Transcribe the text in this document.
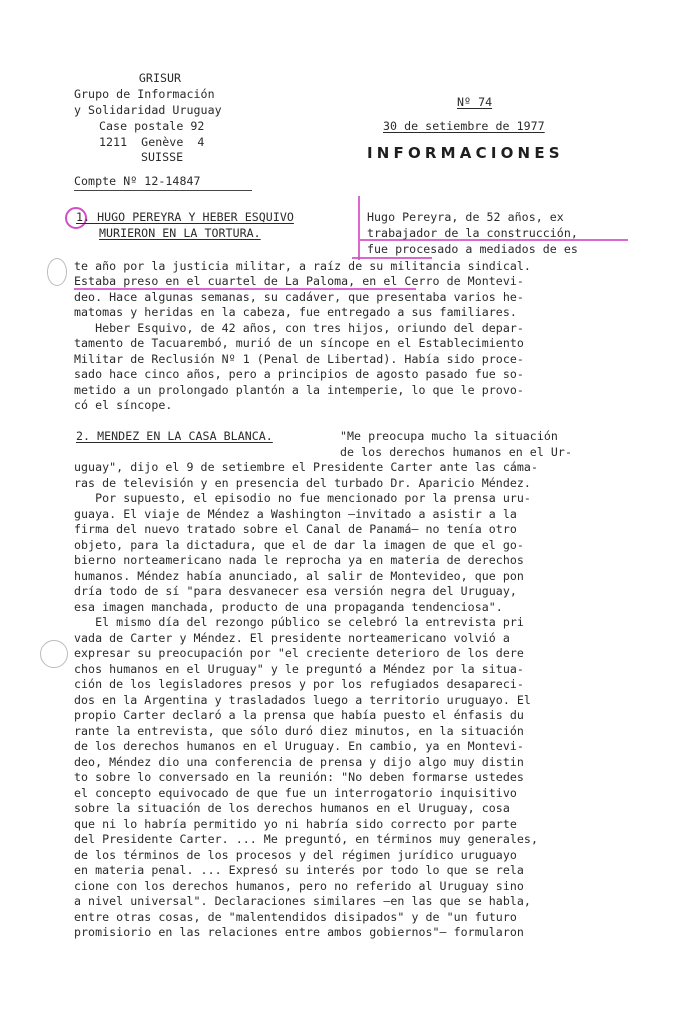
GRISUR
Grupo de Información
y Solidaridad Uruguay
Case postale 92
1211  Genève  4
SUISSE
Compte Nº 12-14847
Nº 74
30 de setiembre de 1977
INFORMACIONES
1. HUGO PEREYRA Y HEBER ESQUIVO
MURIERON EN LA TORTURA.
Hugo Pereyra, de 52 años, ex
trabajador de la construcción,
fue procesado a mediados de es
te año por la justicia militar, a raíz de su militancia sindical.
Estaba preso en el cuartel de La Paloma, en el Cerro de Montevi-
deo. Hace algunas semanas, su cadáver, que presentaba varios he-
matomas y heridas en la cabeza, fue entregado a sus familiares.
Heber Esquivo, de 42 años, con tres hijos, oriundo del depar-
tamento de Tacuarembó, murió de un síncope en el Establecimiento
Militar de Reclusión Nº 1 (Penal de Libertad). Había sido proce-
sado hace cinco años, pero a principios de agosto pasado fue so-
metido a un prolongado plantón a la intemperie, lo que le provo-
có el síncope.
2. MENDEZ EN LA CASA BLANCA.	"Me preocupa mucho la situación
de los derechos humanos en el Ur-
uguay", dijo el 9 de setiembre el Presidente Carter ante las cáma-
ras de televisión y en presencia del turbado Dr. Aparicio Méndez.
Por supuesto, el episodio no fue mencionado por la prensa uru-
guaya. El viaje de Méndez a Washington —invitado a asistir a la
firma del nuevo tratado sobre el Canal de Panamá— no tenía otro
objeto, para la dictadura, que el de dar la imagen de que el go-
bierno norteamericano nada le reprocha ya en materia de derechos
humanos. Méndez había anunciado, al salir de Montevideo, que pon
dría todo de sí "para desvanecer esa versión negra del Uruguay,
esa imagen manchada, producto de una propaganda tendenciosa".
El mismo día del rezongo público se celebró la entrevista pri
vada de Carter y Méndez. El presidente norteamericano volvió a
expresar su preocupación por "el creciente deterioro de los dere
chos humanos en el Uruguay" y le preguntó a Méndez por la situa-
ción de los legisladores presos y por los refugiados desapareci-
dos en la Argentina y trasladados luego a territorio uruguayo. El
propio Carter declaró a la prensa que había puesto el énfasis du
rante la entrevista, que sólo duró diez minutos, en la situación
de los derechos humanos en el Uruguay. En cambio, ya en Montevi-
deo, Méndez dio una conferencia de prensa y dijo algo muy distin
to sobre lo conversado en la reunión: "No deben formarse ustedes
el concepto equivocado de que fue un interrogatorio inquisitivo
sobre la situación de los derechos humanos en el Uruguay, cosa
que ni lo habría permitido yo ni habría sido correcto por parte
del Presidente Carter. ... Me preguntó, en términos muy generales,
de los términos de los procesos y del régimen jurídico uruguayo
en materia penal. ... Expresó su interés por todo lo que se rela
cione con los derechos humanos, pero no referido al Uruguay sino
a nivel universal". Declaraciones similares —en las que se habla,
entre otras cosas, de "malentendidos disipados" y de "un futuro
promisiorio en las relaciones entre ambos gobiernos"— formularon
